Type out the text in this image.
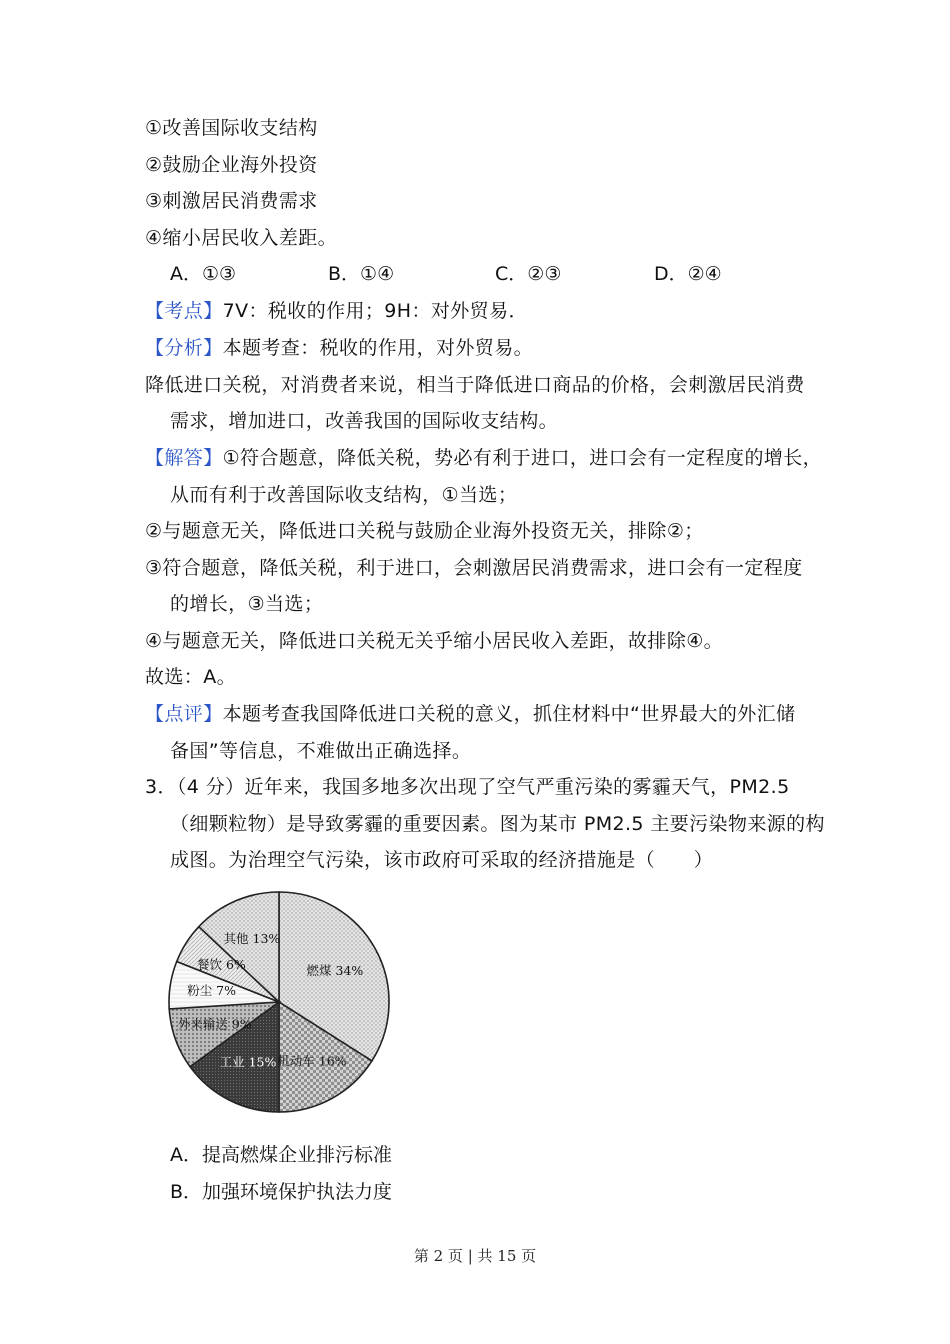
①改善国际收支结构
②鼓励企业海外投资
③刺激居民消费需求
④缩小居民收入差距。
A．①③	B．①④	C．②③	D．②④
【考点】7V：税收的作用；9H：对外贸易．
【分析】本题考查：税收的作用，对外贸易。
降低进口关税，对消费者来说，相当于降低进口商品的价格，会刺激居民消费
需求，增加进口，改善我国的国际收支结构。
【解答】①符合题意，降低关税，势必有利于进口，进口会有一定程度的增长，
从而有利于改善国际收支结构，①当选；
②与题意无关，降低进口关税与鼓励企业海外投资无关，排除②；
③符合题意，降低关税，利于进口，会刺激居民消费需求，进口会有一定程度
的增长，③当选；
④与题意无关，降低进口关税无关乎缩小居民收入差距，故排除④。
故选：A。
【点评】本题考查我国降低进口关税的意义，抓住材料中“世界最大的外汇储
备国”等信息，不难做出正确选择。
3．（4 分）近年来，我国多地多次出现了空气严重污染的雾霾天气，PM2.5
（细颗粒物）是导致雾霾的重要因素。图为某市 PM2.5 主要污染物来源的构
成图。为治理空气污染，该市政府可采取的经济措施是（　　）
燃煤 34%
机动车 16%
工业 15%
外来输送 9%
粉尘 7%
餐饮 6%
其他 13%
A．提高燃煤企业排污标准
B．加强环境保护执法力度
第 2 页 | 共 15 页
